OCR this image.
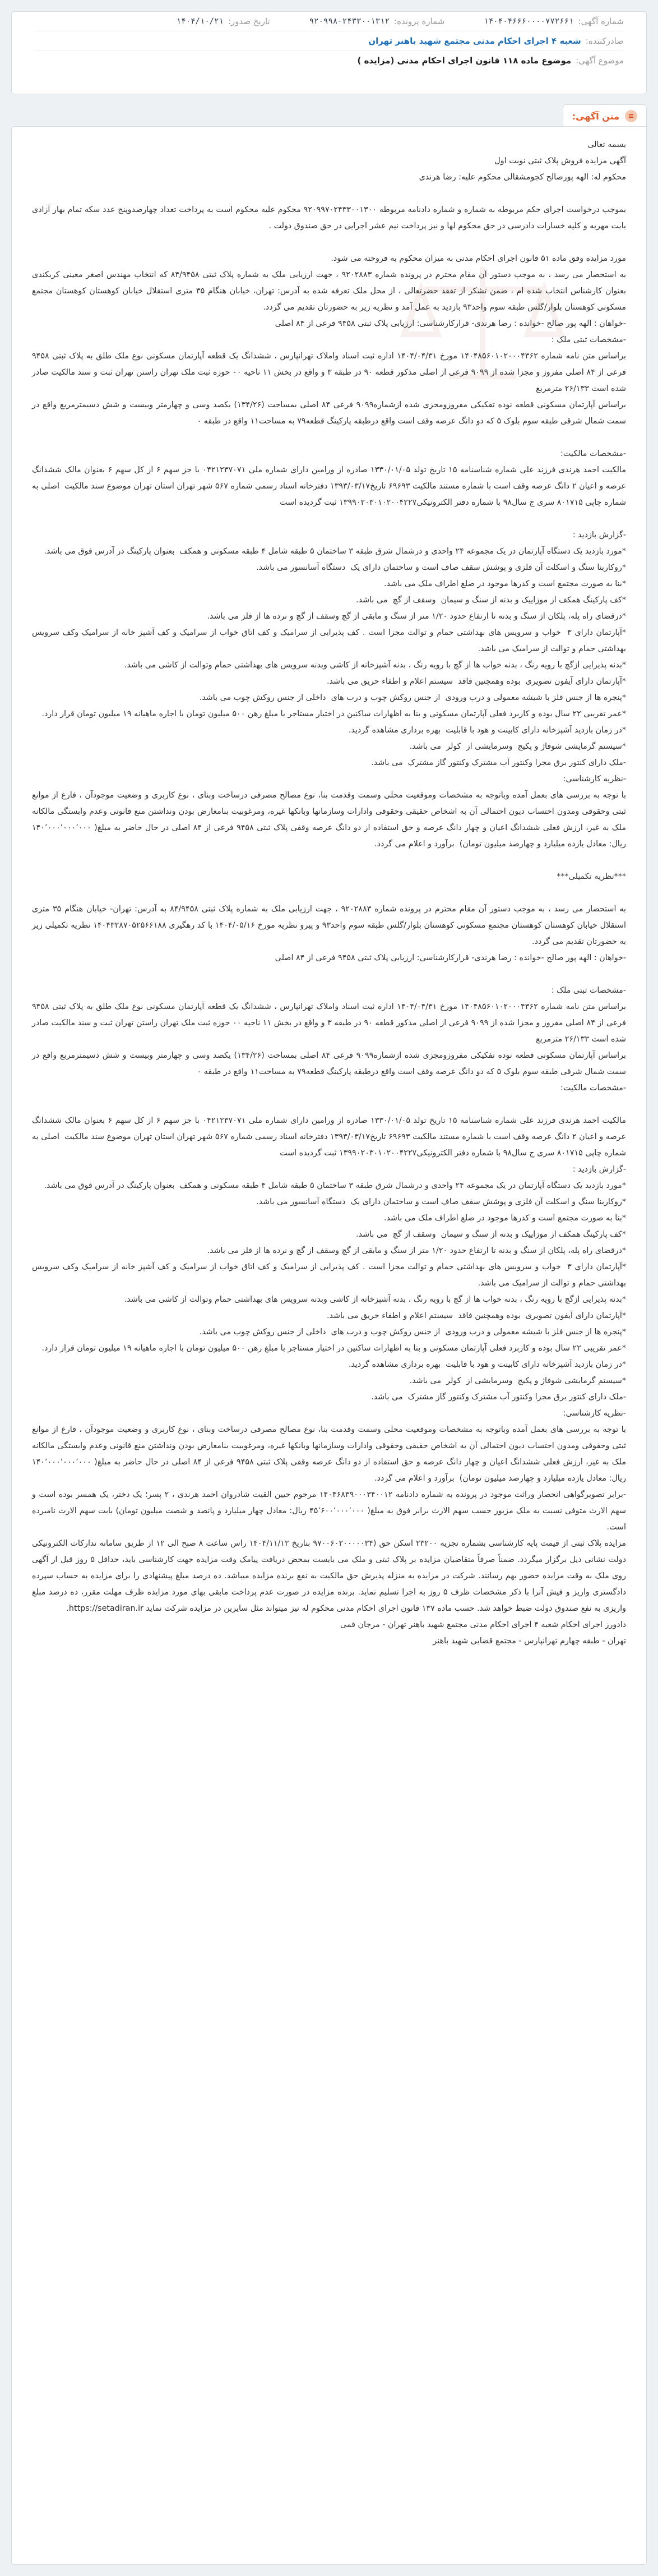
شماره آگهی:
۱۴۰۴۰۴۶۶۶۰۰۰۰۷۷۲۶۶۱
شماره پرونده:
۹۲۰۹۹۸۰۲۴۳۳۰۰۱۳۱۲
تاریخ صدور:
۱۴۰۴/۱۰/۲۱
صادرکننده:
شعبه ۴ اجرای احکام مدنی مجتمع شهید باهنر تهران
موضوع آگهی:
موضوع ماده ۱۱۸ قانون اجرای احکام مدنی (مزایده )
≡
متن آگهی:

بسمه تعالی

آگهی مزایده فروش پلاک ثبتی نوبت اول

محکوم له: الهه پورصالح کجومشقالی محکوم علیه: رضا هرندی

بموجب درخواست اجرای حکم مربوطه به شماره و شماره دادنامه مربوطه ۹۲۰۹۹۷۰۲۴۳۳۰۰۱۳۰۰ محکوم علیه محکوم است به پرداخت تعداد چهارصدوپنج عدد سکه تمام بهار آزادی بابت مهریه و کلیه خسارات دادرسی در حق محکوم لها و نیز پرداخت نیم عشر اجرایی در حق صندوق دولت .

مورد مزایده وفق ماده ۵۱ قانون اجرای احکام مدنی به میزان محکوم به فروخته می شود.

به استحضار می رسد ، به موجب دستور آن مقام محترم در پرونده شماره ۹۲۰۲۸۸۳ ، جهت ارزیابی ملک به شماره پلاک ثبتی ۸۴/۹۴۵۸ که انتخاب مهندس اصغر معینی کربکندی بعنوان کارشناس انتخاب شده ام ، ضمن تشکر از تفقد حضرتعالی ، از محل ملک تعرفه شده به آدرس: تهران، خیابان هنگام ۳۵ متری استقلال خیابان کوهستان کوهستان مجتمع مسکونی کوهستان بلوار/گلس طبقه سوم واحد۹۳ بازدید به عمل آمد و نظریه زیر به حضورتان تقدیم می گردد.

-خواهان : الهه پور صالح -خوانده : رضا هرندی- قرارکارشناسی: ارزیابی پلاک ثبتی ۹۴۵۸ فرعی از ۸۴ اصلی

-مشخصات ثبتی ملک :

براساس متن نامه شماره ۱۴۰۴۸۵۶۰۱۰۲۰۰۰۴۳۶۲ مورخ ۱۴۰۴/۰۴/۳۱ اداره ثبت اسناد واملاک تهرانپارس ، ششدانگ یک قطعه آپارتمان مسکونی نوع ملک طلق به پلاک ثبتی ۹۴۵۸ فرعی از ۸۴ اصلی مفروز و مجزا شده از ۹۰۹۹ فرعی از اصلی مذکور قطعه ۹۰ در طبقه ۳ و واقع در بخش ۱۱ ناحیه ۰۰ حوزه ثبت ملک تهران راستن تهران ثبت و سند مالکیت صادر شده است ۲۶/۱۳۳ مترمربع

براساس آپارتمان مسکونی قطعه نوده تفکیکی مفروزومجزی شده ازشماره۹۰۹۹ فرعی ۸۴ اصلی بمساحت (۱۳۴/۲۶) یکصد وسی و چهارمتر وبیست و شش دسیمترمربع واقع در سمت شمال شرقی طبقه سوم بلوک ۵ که دو دانگ عرصه وقف است واقع درطبقه پارکینگ قطعه۷۹ به مساحت۱۱ واقع در طبقه ۰

-مشخصات مالکیت:

مالکیت احمد هرندی فرزند علی شماره شناسنامه ۱۵ تاریخ تولد ۱۳۳۰/۰۱/۰۵ صادره از ورامین دارای شماره ملی ۰۴۲۱۲۳۷۰۷۱ با جز سهم ۶ از کل سهم ۶ بعنوان مالک ششدانگ عرصه و اعیان ۲ دانگ عرصه وقف است با شماره مستند مالکیت ۶۹۶۹۳ تاریخ۱۳۹۳/۰۳/۱۷ دفترخانه اسناد رسمی شماره ۵۶۷ شهر تهران استان تهران موضوع سند مالکیت  اصلی به شماره چاپی ۸۰۱۷۱۵ سری ج سال۹۸ با شماره دفتر الکترونیکی۱۳۹۹۰۲۰۳۰۱۰۲۰۰۴۲۲۷ ثبت گردیده است

-گزارش بازدید :

*مورد بازدید یک دستگاه آپارتمان در یک مجموعه ۲۴ واحدی و درشمال شرق طبقه ۳ ساختمان ۵ طبقه شامل ۴ طبقه مسکونی و همکف  بعنوان پارکینگ در آدرس فوق می باشد.

*روکاربنا سنگ و اسکلت آن فلزی و پوشش سقف صاف است و ساختمان دارای یک  دستگاه آسانسور می باشد.

*بنا به صورت مجتمع است و کدرها موجود در ضلع اطراف ملک می باشد.

*کف پارکینگ همکف از موزاییک و بدنه از سنگ و سیمان  وسقف از گچ  می باشد.

*درقضای راه پله، پلکان از سنگ و بدنه تا ارتفاع حدود ۱/۲۰ متر از سنگ و مابقی از گچ وسقف از گچ و نرده ها از فلز می باشد.

*آپارتمان دارای ۳  خواب و سرویس های بهداشتی حمام و توالت مجزا است . کف پذیرایی از سرامیک و کف اتاق خواب از سرامیک و کف آشپز خانه از سرامیک وکف سرویس بهداشتی حمام و توالت از سرامیک می باشد.

*بدنه پذیرایی ازگچ با رویه رنگ ، بدنه خواب ها از گچ با رویه رنگ ، بدنه آشپزخانه از کاشی وبدنه سرویس های بهداشتی حمام وتوالت از کاشی می باشد.

*آپارتمان دارای آیفون تصویری  بوده وهمچنین فاقد  سیستم اعلام و اطفاء حریق می باشد.

*پنجره ها از جنس فلز با شیشه معمولی و درب ورودی  از جنس روکش چوب و درب های  داخلی از جنس روکش چوب می باشد.

*عمر تقریبی ۲۲ سال بوده و کاربرد فعلی آپارتمان مسکونی و بنا به اظهارات ساکنین در اختیار مستاجر با مبلغ رهن ۵۰۰ میلیون تومان با اجاره ماهیانه ۱۹ میلیون تومان قرار دارد.

*در زمان بازدید آشپزخانه دارای کابینت و هود با قابلیت  بهره برداری مشاهده گردید.

*سیستم گرمایشی شوفاژ و پکیج  وسرمایشی از  کولر  می باشد.

-ملک دارای کنتور برق مجزا وکنتور آب مشترک وکنتور گاز مشترک  می باشد.

-نظریه کارشناسی:

با توجه به بررسی های بعمل آمده وباتوجه به مشخصات وموقعیت محلی وسمت وقدمت بنا، نوع مصالح مصرفی درساخت وبنای ، نوع کاربری و وضعیت موجودآن ، فارغ از موانع ثبتی وحقوقی ومدون احتساب دیون احتمالی آن به اشخاص حقیقی وحقوقی وادارات وسازمانها وبانکها غیره، ومرغوبیت بنامعارض بودن ونداشتن منع قانونی وعدم وابستگی مالکانه ملک به غیر، ارزش فعلی ششدانگ اعیان و چهار دانگ عرصه و حق استفاده از دو دانگ عرصه وقفی پلاک ثبتی ۹۴۵۸ فرعی از ۸۴ اصلی در حال حاضر به مبلغ( ۱۴۰٬۰۰۰٬۰۰۰٬۰۰۰ ریال: معادل یازده میلیارد و چهارصد میلیون تومان)  برآورد و اعلام می گردد.

***نظریه تکمیلی***

به استحضار می رسد ، به موجب دستور آن مقام محترم در پرونده شماره ۹۲۰۲۸۸۳ ، جهت ارزیابی ملک به شماره پلاک ثبتی ۸۴/۹۴۵۸ به آدرس: تهران- خیابان هنگام ۳۵ متری استقلال خیابان کوهستان کوهستان مجتمع مسکونی کوهستان بلوار/گلس طبقه سوم واحد۹۳ و پیرو نظریه مورخ ۱۴۰۴/۰۵/۱۶ با کد رهگیری ۱۴۰۴۳۲۸۷۰۵۲۵۶۶۱۸۸ نظریه تکمیلی زیر به حضورتان تقدیم می گردد.

-خواهان : الهه پور صالح -خوانده : رضا هرندی- قرارکارشناسی: ارزیابی پلاک ثبتی ۹۴۵۸ فرعی از ۸۴ اصلی

-مشخصات ثبتی ملک :

براساس متن نامه شماره ۱۴۰۴۸۵۶۰۱۰۲۰۰۰۴۳۶۲ مورخ ۱۴۰۴/۰۴/۳۱ اداره ثبت اسناد واملاک تهرانپارس ، ششدانگ یک قطعه آپارتمان مسکونی نوع ملک طلق به پلاک ثبتی ۹۴۵۸ فرعی از ۸۴ اصلی مفروز و مجزا شده از ۹۰۹۹ فرعی از اصلی مذکور قطعه ۹۰ در طبقه ۳ و واقع در بخش ۱۱ ناحیه ۰۰ حوزه ثبت ملک تهران راستن تهران ثبت و سند مالکیت صادر شده است ۲۶/۱۳۳ مترمربع

براساس آپارتمان مسکونی قطعه نوده تفکیکی مفروزومجزی شده ازشماره۹۰۹۹ فرعی ۸۴ اصلی بمساحت (۱۳۴/۲۶) یکصد وسی و چهارمتر وبیست و شش دسیمترمربع واقع در سمت شمال شرقی طبقه سوم بلوک ۵ که دو دانگ عرصه وقف است واقع درطبقه پارکینگ قطعه۷۹ به مساحت۱۱ واقع در طبقه ۰

-مشخصات مالکیت:

مالکیت احمد هرندی فرزند علی شماره شناسنامه ۱۵ تاریخ تولد ۱۳۳۰/۰۱/۰۵ صادره از ورامین دارای شماره ملی ۰۴۲۱۲۳۷۰۷۱ با جز سهم ۶ از کل سهم ۶ بعنوان مالک ششدانگ عرصه و اعیان ۲ دانگ عرصه وقف است با شماره مستند مالکیت ۶۹۶۹۳ تاریخ۱۳۹۳/۰۳/۱۷ دفترخانه اسناد رسمی شماره ۵۶۷ شهر تهران استان تهران موضوع سند مالکیت  اصلی به شماره چاپی ۸۰۱۷۱۵ سری ج سال۹۸ با شماره دفتر الکترونیکی۱۳۹۹۰۲۰۳۰۱۰۲۰۰۴۲۲۷ ثبت گردیده است

-گزارش بازدید :

*مورد بازدید یک دستگاه آپارتمان در یک مجموعه ۲۴ واحدی و درشمال شرق طبقه ۳ ساختمان ۵ طبقه شامل ۴ طبقه مسکونی و همکف  بعنوان پارکینگ در آدرس فوق می باشد.

*روکاربنا سنگ و اسکلت آن فلزی و پوشش سقف صاف است و ساختمان دارای یک  دستگاه آسانسور می باشد.

*بنا به صورت مجتمع است و کدرها موجود در ضلع اطراف ملک می باشد.

*کف پارکینگ همکف از موزاییک و بدنه از سنگ و سیمان  وسقف از گچ  می باشد.

*درقضای راه پله، پلکان از سنگ و بدنه تا ارتفاع حدود ۱/۲۰ متر از سنگ و مابقی از گچ وسقف از گچ و نرده ها از فلز می باشد.

*آپارتمان دارای ۳  خواب و سرویس های بهداشتی حمام و توالت مجزا است . کف پذیرایی از سرامیک و کف اتاق خواب از سرامیک و کف آشپز خانه از سرامیک وکف سرویس بهداشتی حمام و توالت از سرامیک می باشد.

*بدنه پذیرایی ازگچ با رویه رنگ ، بدنه خواب ها از گچ با رویه رنگ ، بدنه آشپزخانه از کاشی وبدنه سرویس های بهداشتی حمام وتوالت از کاشی می باشد.

*آپارتمان دارای آیفون تصویری  بوده وهمچنین فاقد  سیستم اعلام و اطفاء حریق می باشد.

*پنجره ها از جنس فلز با شیشه معمولی و درب ورودی  از جنس روکش چوب و درب های  داخلی از جنس روکش چوب می باشد.

*عمر تقریبی ۲۲ سال بوده و کاربرد فعلی آپارتمان مسکونی و بنا به اظهارات ساکنین در اختیار مستاجر با مبلغ رهن ۵۰۰ میلیون تومان با اجاره ماهیانه ۱۹ میلیون تومان قرار دارد.

*در زمان بازدید آشپزخانه دارای کابینت و هود با قابلیت  بهره برداری مشاهده گردید.

*سیستم گرمایشی شوفاژ و پکیج  وسرمایشی از  کولر  می باشد.

-ملک دارای کنتور برق مجزا وکنتور آب مشترک وکنتور گاز مشترک  می باشد.

-نظریه کارشناسی:

با توجه به بررسی های بعمل آمده وباتوجه به مشخصات وموقعیت محلی وسمت وقدمت بنا، نوع مصالح مصرفی درساخت وبنای ، نوع کاربری و وضعیت موجودآن ، فارغ از موانع ثبتی وحقوقی ومدون احتساب دیون احتمالی آن به اشخاص حقیقی وحقوقی وادارات وسازمانها وبانکها غیره، ومرغوبیت بنامعارض بودن ونداشتن منع قانونی وعدم وابستگی مالکانه ملک به غیر، ارزش فعلی ششدانگ اعیان و چهار دانگ عرصه و حق استفاده از دو دانگ عرصه وقفی پلاک ثبتی ۹۴۵۸ فرعی از ۸۴ اصلی در حال حاضر به مبلغ( ۱۴۰٬۰۰۰٬۰۰۰٬۰۰۰ ریال: معادل یازده میلیارد و چهارصد میلیون تومان)  برآورد و اعلام می گردد.

-برابر تصویرگواهی انحصار وراثت موجود در پرونده به شماره دادنامه ۱۴۰۴۶۸۳۹۰۰۰۳۴۰۰۱۲ مرحوم حیین القیت شادروان احمد هرندی ، ۲ پسر؛ یک دختر، یک همسر بوده است و سهم الارث متوفی نسبت به ملک مزبور حسب سهم الارث برابر فوق به مبلغ( ۴۵٬۶۰۰٬۰۰۰٬۰۰۰ ریال: معادل چهار میلیارد و پانصد و شصت میلیون تومان) بابت سهم الارث نامبرده است.

مزایده پلاک ثبتی از قیمت پایه کارشناسی بشماره تجزیه ۲۳۲۰۰ اسکن حق (۹۷۰۰۶۰۲۰۰۰۰۰۳۴ بتاریخ ۱۴۰۴/۱۱/۱۲ راس ساعت ۸ صبح الی ۱۲ از طریق سامانه تدارکات الکترونیکی دولت نشانی ذیل برگزار میگردد. ضمناً صرفاً متقاضیان مزایده بر پلاک ثبتی و ملک می بایست بمحض دریافت پیامک وقت مزایده جهت کارشناسی باید، حداقل ۵ روز قبل از آگهی روی ملک به وقت مزایده حضور بهم رسانند. شرکت در مزایده به منزله پذیرش حق مالکیت به نفع برنده مزایده میباشد. ده درصد مبلغ پیشنهادی را برای مزایده به حساب سپرده دادگستری واریز و فیش آنرا با ذکر مشخصات ظرف ۵ روز به اجرا تسلیم نماید. برنده مزایده در صورت عدم پرداخت مابقی بهای مورد مزایده ظرف مهلت مقرر، ده درصد مبلغ واریزی به نفع صندوق دولت ضبط خواهد شد. حسب ماده ۱۳۷ قانون اجرای احکام مدنی محکوم له نیز میتواند مثل سایرین در مزایده شرکت نماید https://setadiran.ir.

دادورز اجرای احکام شعبه ۴ اجرای احکام مدنی مجتمع شهید باهنر تهران - مرجان قمی

تهران - طبقه چهارم تهرانپارس - مجتمع قضایی شهید باهنر
